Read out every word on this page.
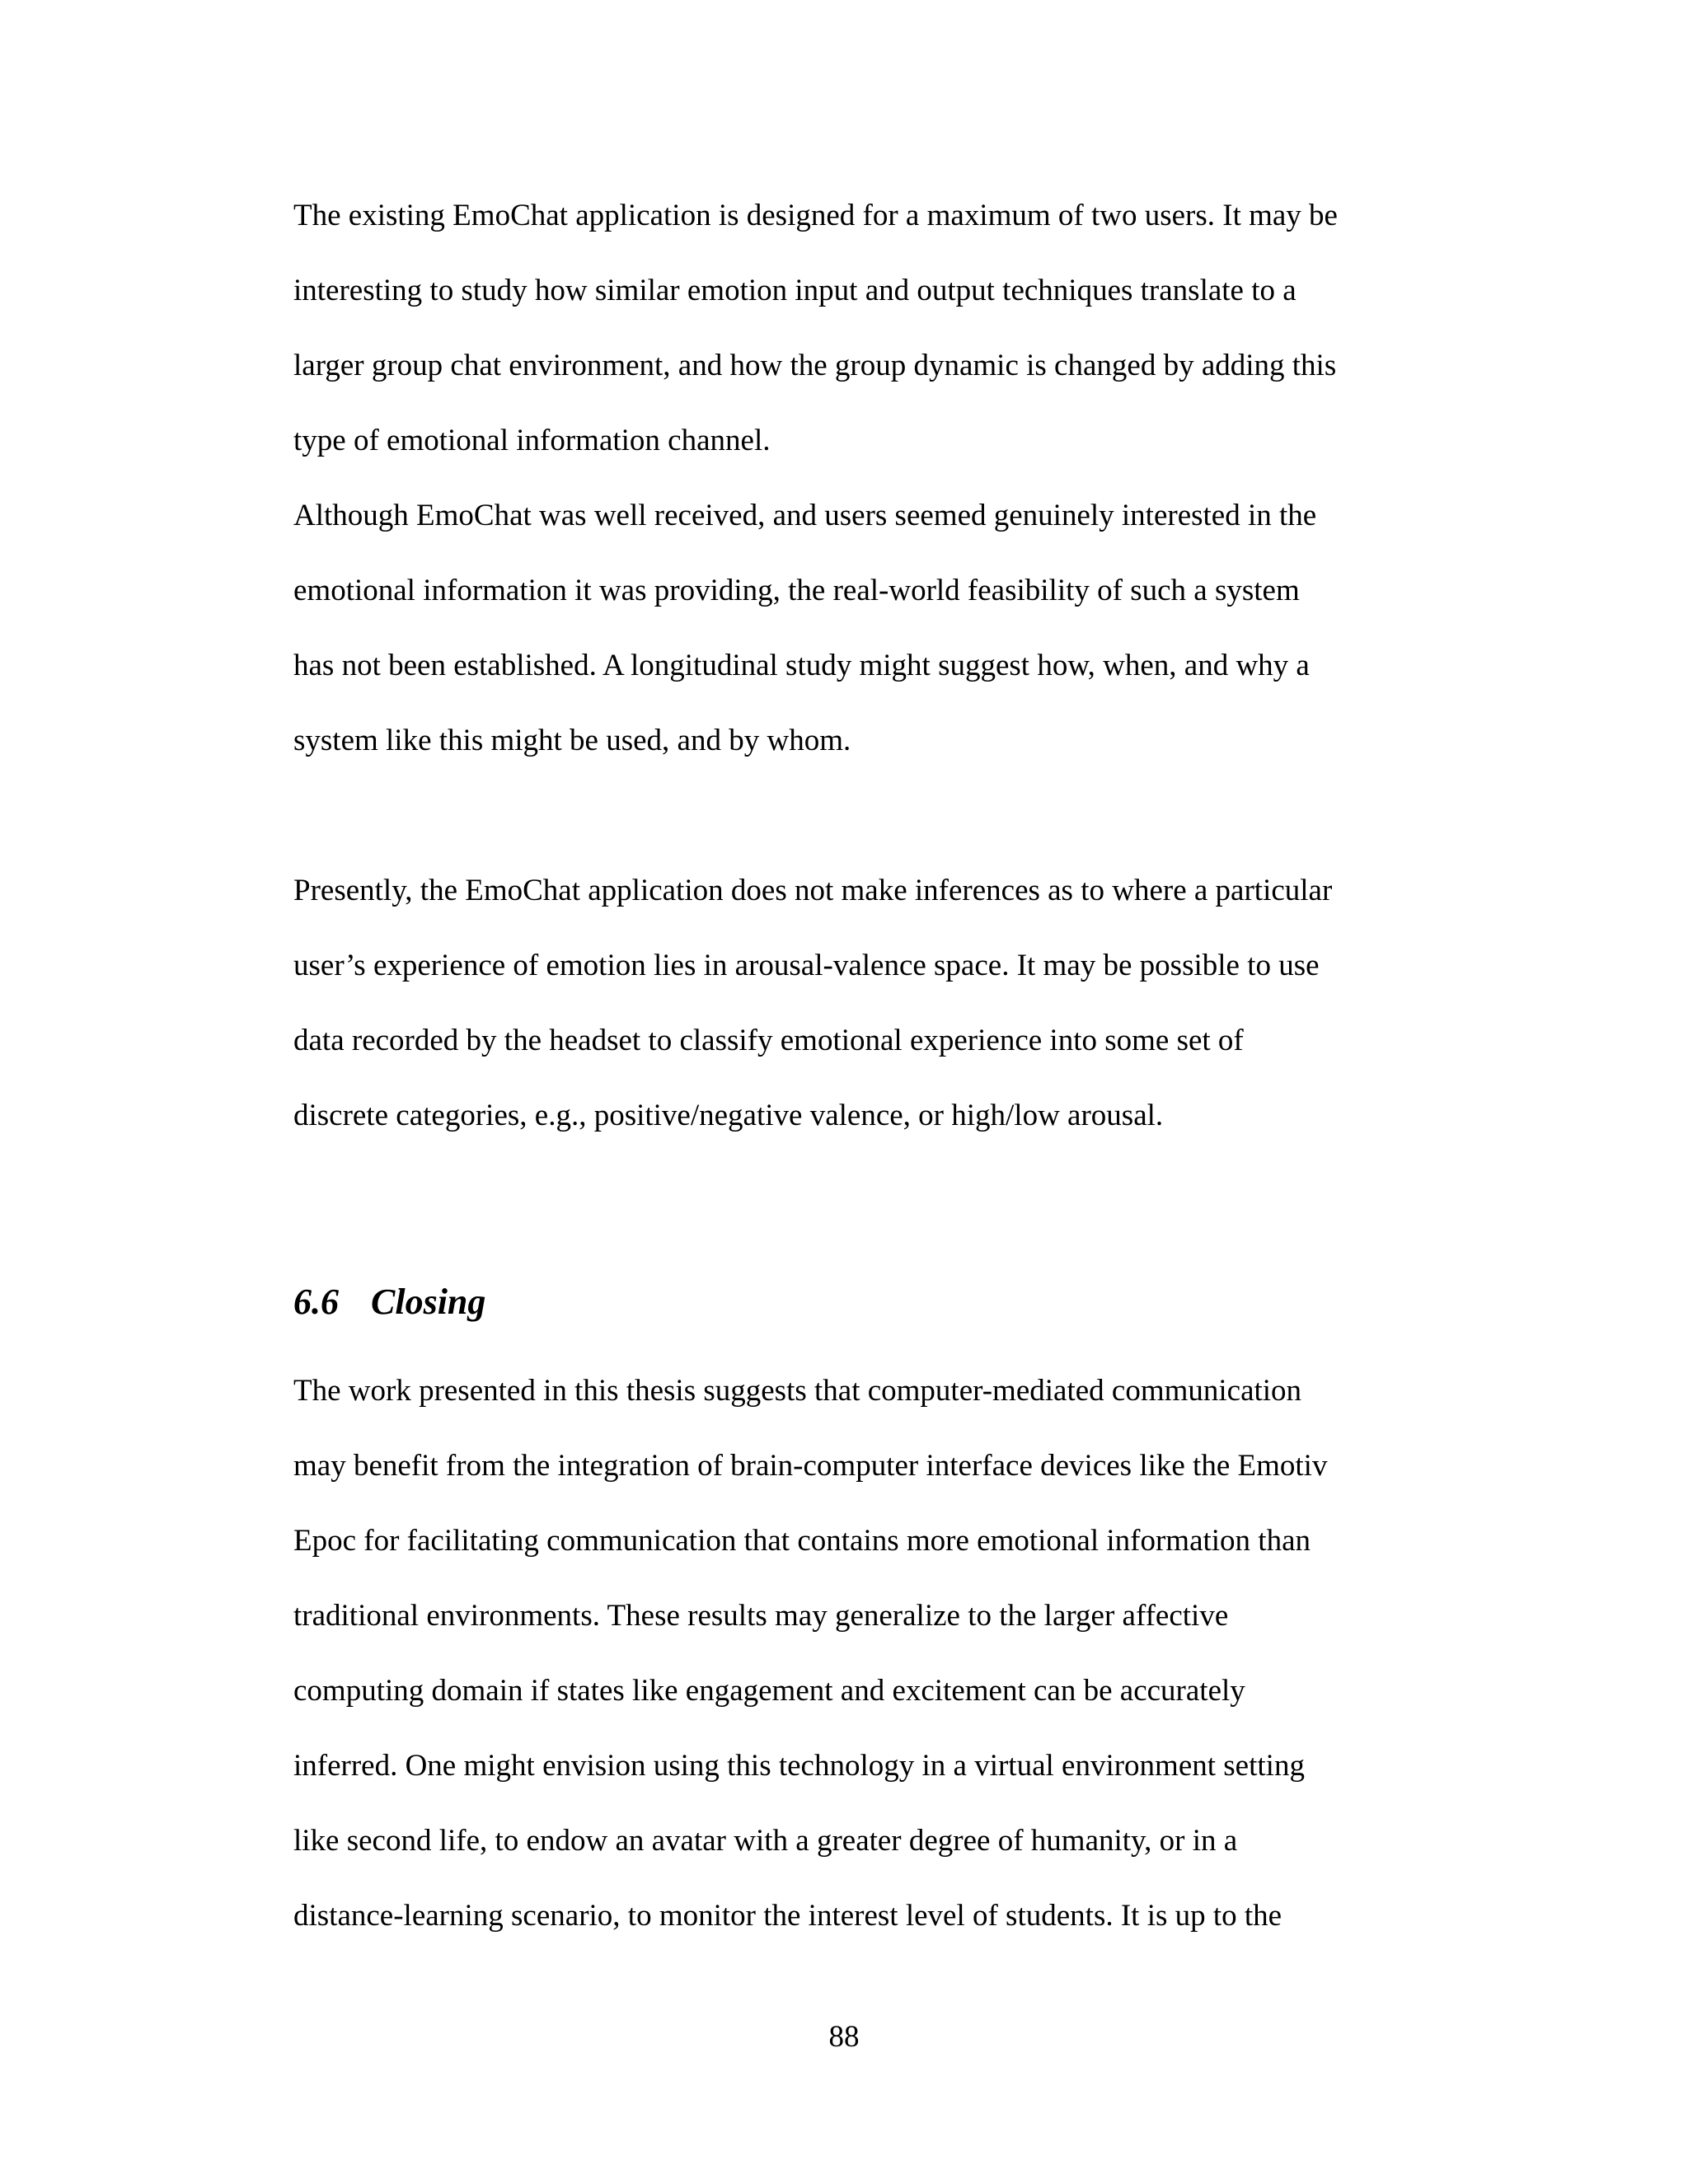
The existing EmoChat application is designed for a maximum of two users. It may be

interesting to study how similar emotion input and output techniques translate to a

larger group chat environment, and how the group dynamic is changed by adding this

type of emotional information channel.

Although EmoChat was well received, and users seemed genuinely interested in the

emotional information it was providing, the real-world feasibility of such a system

has not been established. A longitudinal study might suggest how, when, and why a

system like this might be used, and by whom.

Presently, the EmoChat application does not make inferences as to where a particular

user’s experience of emotion lies in arousal-valence space. It may be possible to use

data recorded by the headset to classify emotional experience into some set of

discrete categories, e.g., positive/negative valence, or high/low arousal.

6.6 Closing

The work presented in this thesis suggests that computer-mediated communication

may benefit from the integration of brain-computer interface devices like the Emotiv

Epoc for facilitating communication that contains more emotional information than

traditional environments. These results may generalize to the larger affective

computing domain if states like engagement and excitement can be accurately

inferred. One might envision using this technology in a virtual environment setting

like second life, to endow an avatar with a greater degree of humanity, or in a

distance-learning scenario, to monitor the interest level of students. It is up to the

88
